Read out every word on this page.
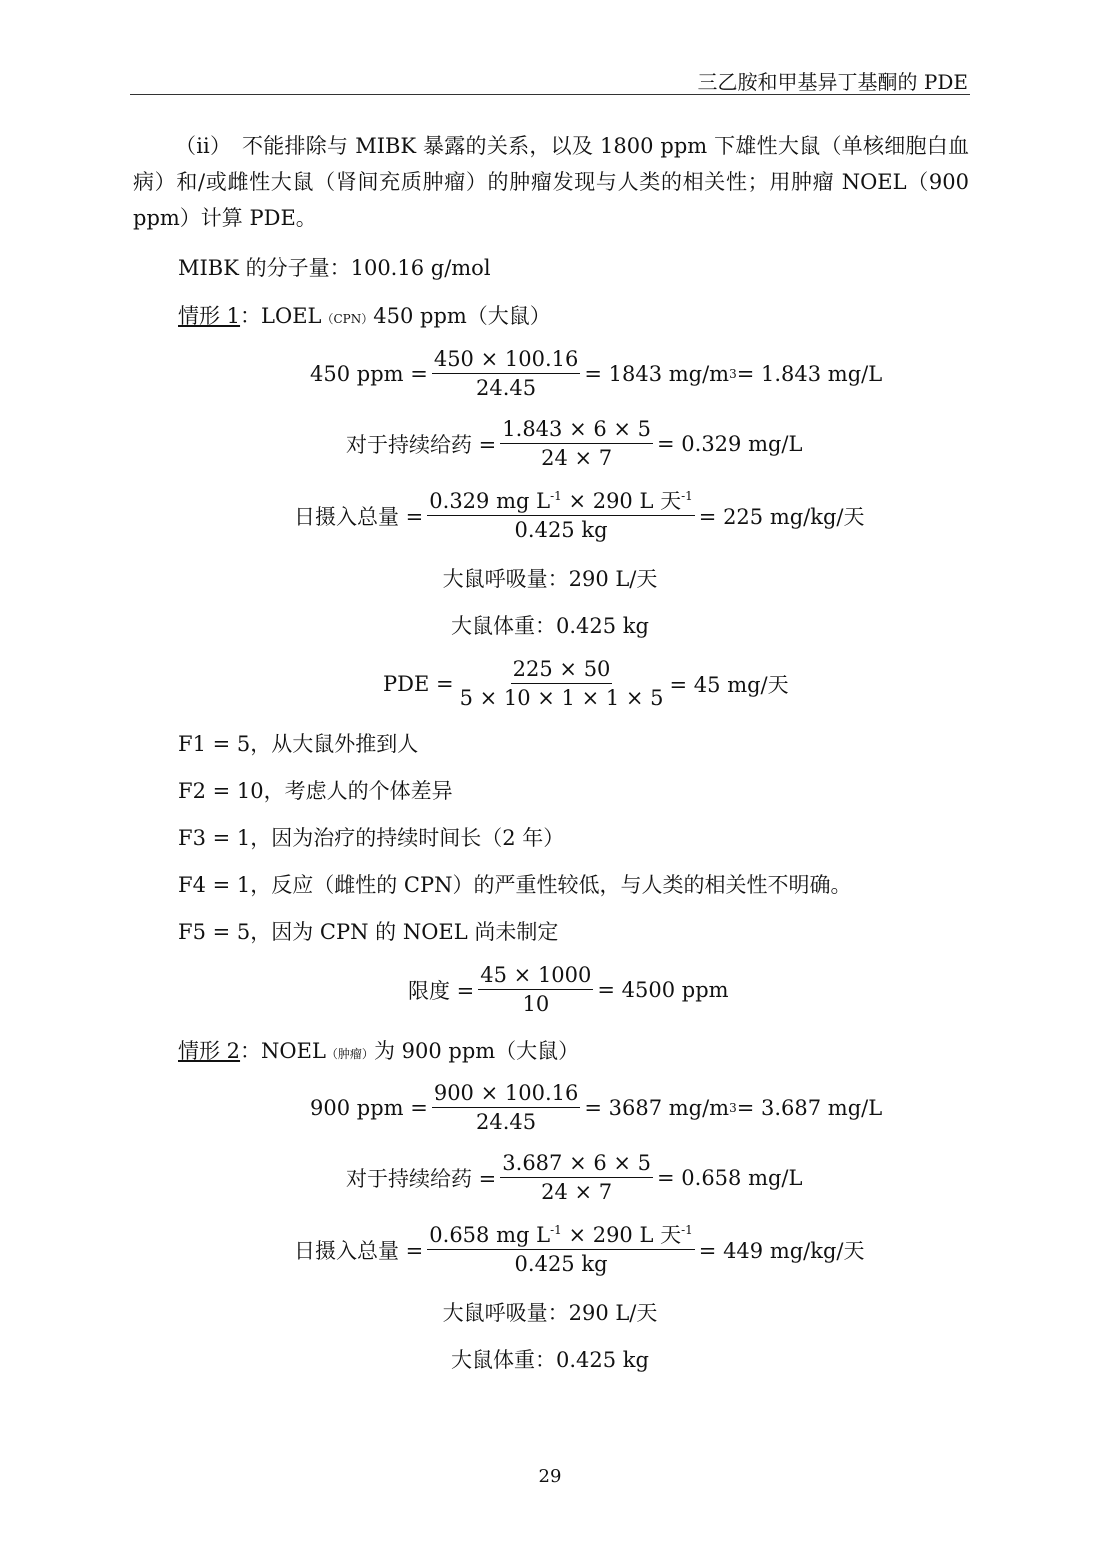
三乙胺和甲基异丁基酮的 PDE
（ii）　不能排除与 MIBK 暴露的关系，以及 1800 ppm 下雄性大鼠（单核细胞白血病）和/或雌性大鼠（肾间充质肿瘤）的肿瘤发现与人类的相关性；用肿瘤 NOEL（900 ppm）计算 PDE。
MIBK 的分子量：100.16 g/mol
情形 1：LOEL（CPN）450 ppm（大鼠）
450 ppm = $\frac{450 \times 100.16}{24.45} = 1843$ mg/m 3 = 1.843 mg/L
对于持续给药 = $\frac{1.843 \times 6 \times 5}{24 \times 7} = 0.329$ mg/L
日摄入总量 = $\frac{0.329 mg L^{-1} \times 290 L 天^{-1}}{0.425 kg} = 225$ mg/kg/天
大鼠呼吸量：290 L/天
大鼠体重：0.425 kg
PDE = $\frac{225 \times 50}{5 \times 10 \times 1 \times 1 \times 5} = 45$ mg/天
F1 = 5，从大鼠外推到人
F2 = 10，考虑人的个体差异
F3 = 1，因为治疗的持续时间长（2 年）
F4 = 1，反应（雌性的 CPN）的严重性较低，与人类的相关性不明确。
F5 = 5，因为 CPN 的 NOEL 尚未制定
限度 = $\frac{45 \times 1000}{10} = 4500$ ppm
情形 2：NOEL（肿瘤）为 900 ppm（大鼠）
900 ppm = $\frac{900 \times 100.16}{24.45} = 3687$ mg/m 3 = 3.687 mg/L
对于持续给药 = $\frac{3.687 \times 6 \times 5}{24 \times 7} = 0.658$ mg/L
日摄入总量 = $\frac{0.658 mg L^{-1} \times 290 L 天^{-1}}{0.425 kg} = 449$ mg/kg/天
大鼠呼吸量：290 L/天
大鼠体重：0.425 kg
29
